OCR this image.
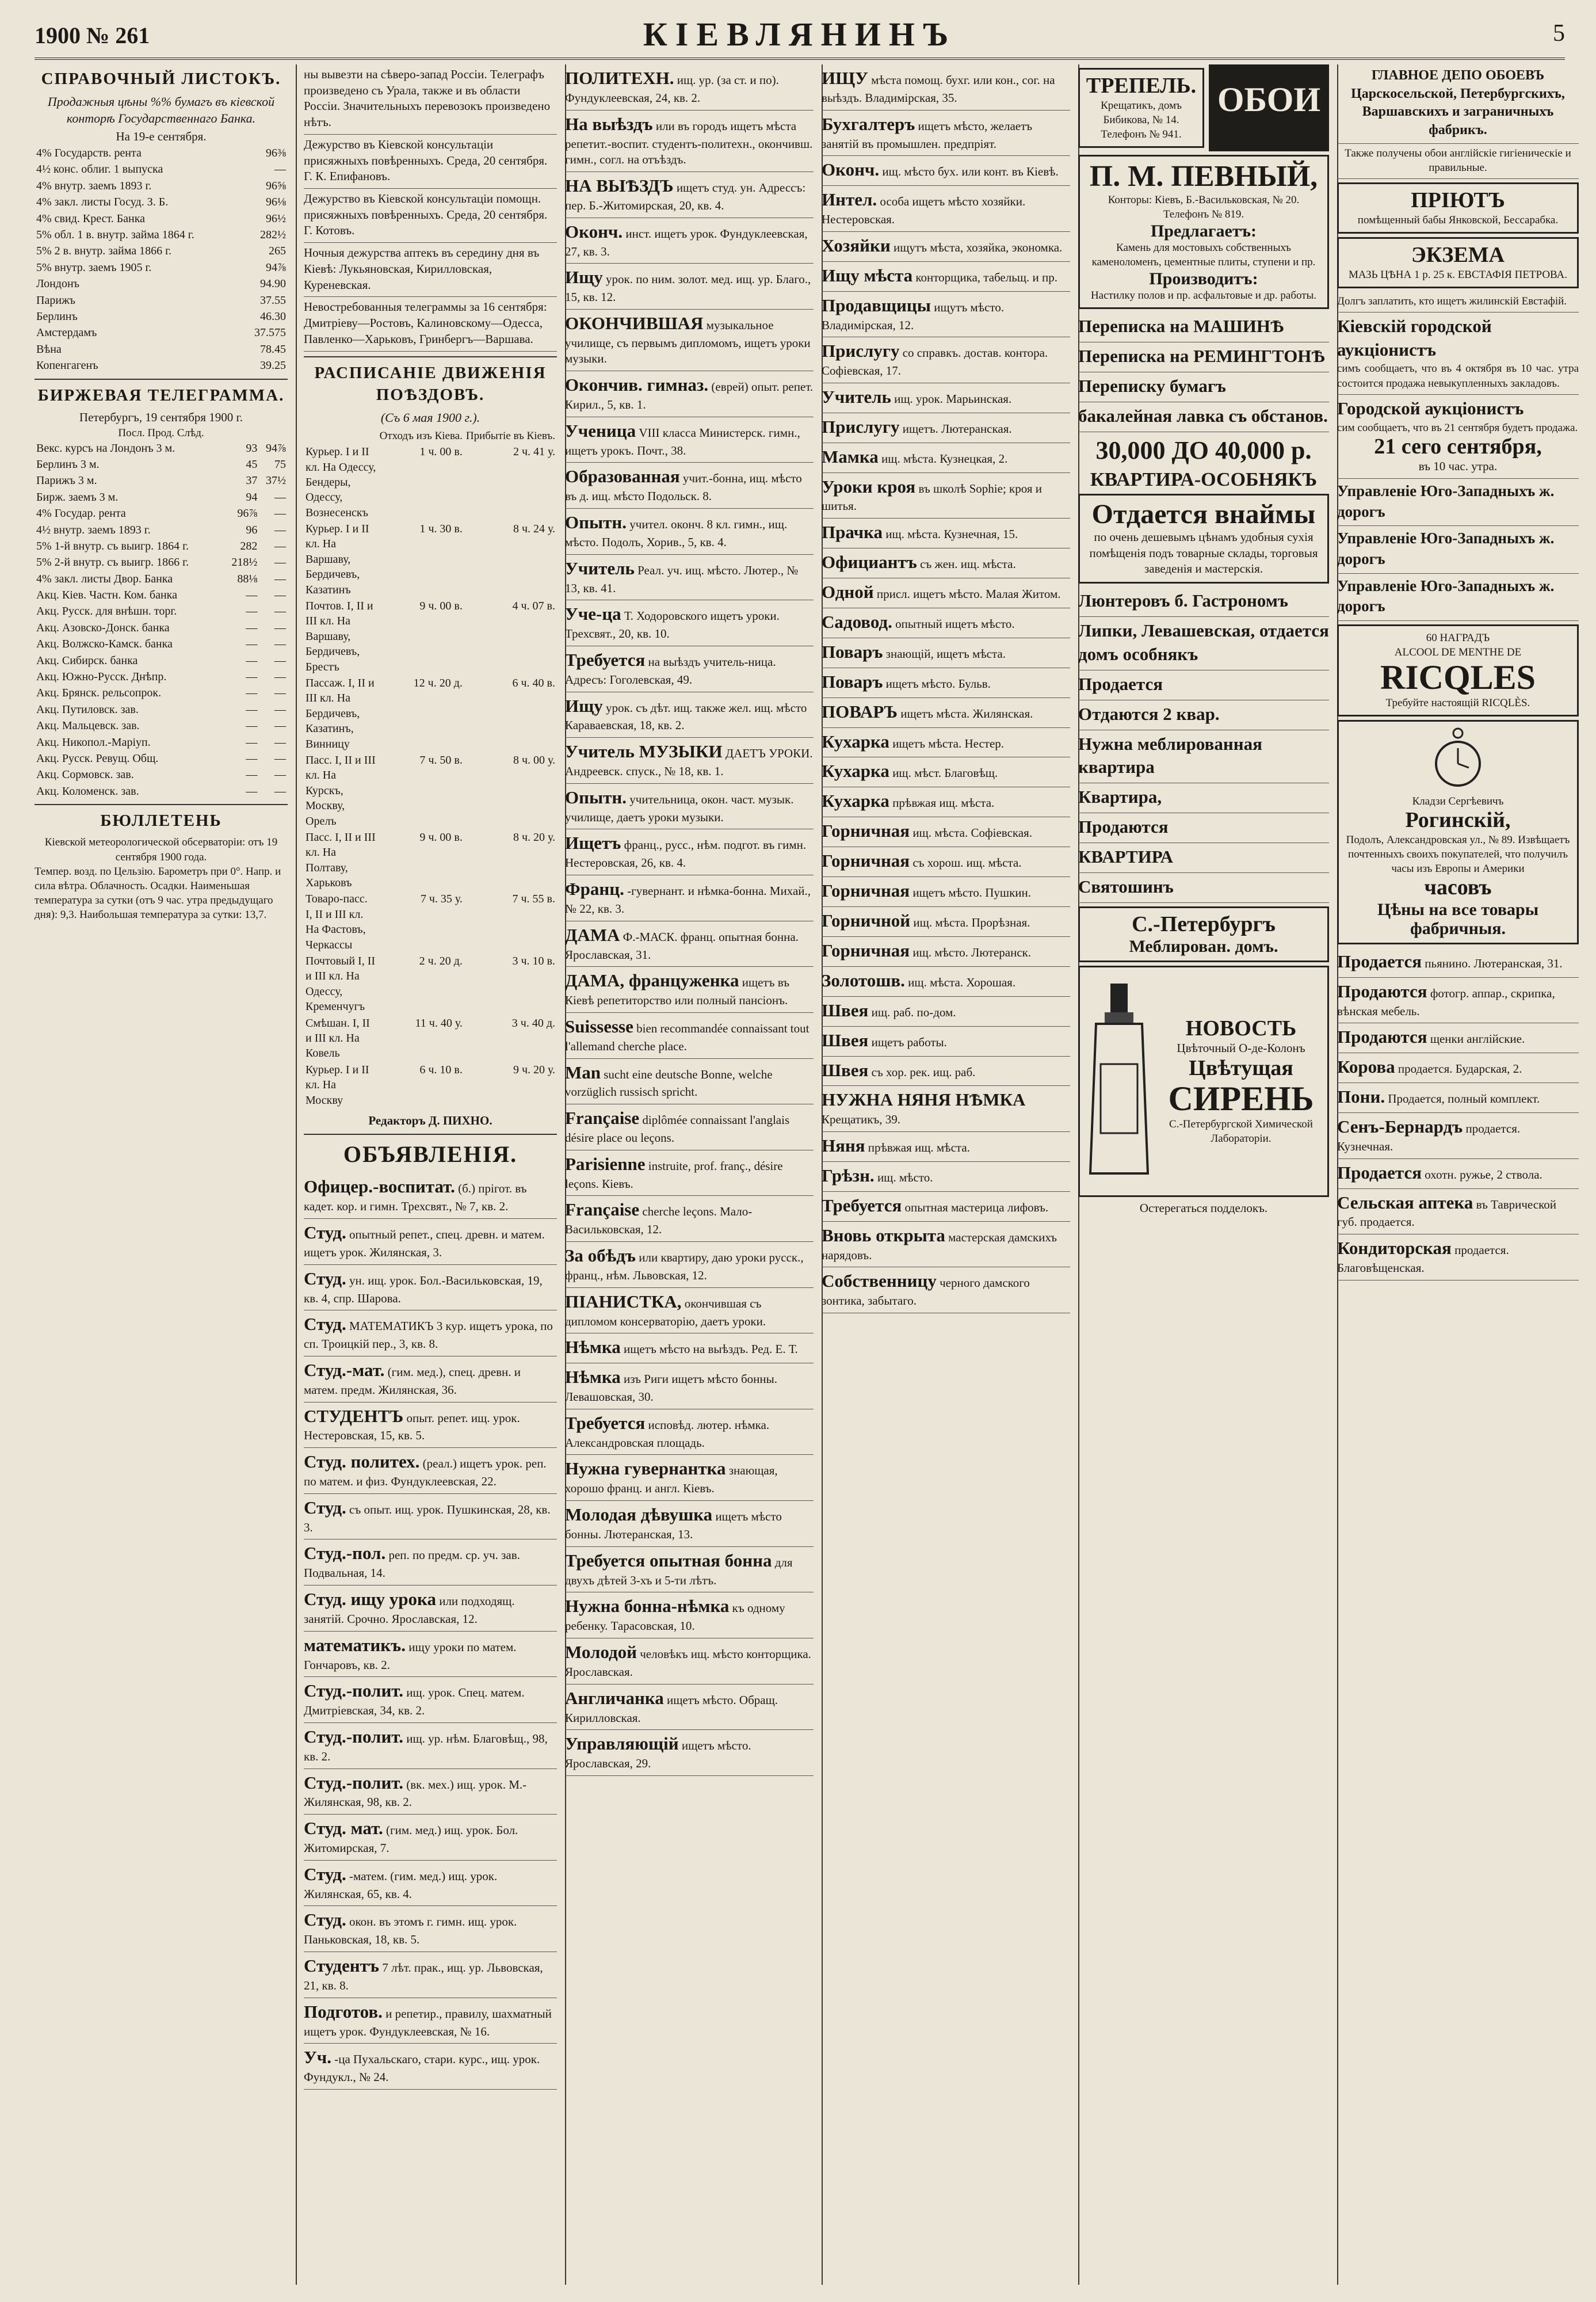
1900 № 261	КІЕВЛЯНИНЪ	5
СПРАВОЧНЫЙ ЛИСТОКЪ.
Продажныя цѣны %% бумагъ въ кіевской конторѣ Государственнаго Банка.
На 19-е сентября.
4% Государств. рента	96⅜
4½ конс. облиг. 1 выпуска	—
4% внутр. заемъ 1893 г.	96⅝
4% закл. листы Госуд. З. Б.	96⅛
4% свид. Крест. Банка	96½
5% обл. 1 в. внутр. займа 1864 г.	282½
5% 2 в. внутр. займа 1866 г.	265
5% внутр. заемъ 1905 г.	94⅞
Лондонъ	94.90
Парижъ	37.55
Берлинъ	46.30
Амстердамъ	37.575
Вѣна	78.45
Копенгагенъ	39.25
БИРЖЕВАЯ ТЕЛЕГРАММА.
Петербургъ, 19 сентября 1900 г.
Посл. Прод. Слѣд.
Векс. курсъ на Лондонъ 3 м.	93	94⅞
Берлинъ 3 м.	45	75
Парижъ 3 м.	37	37½
Бирж. заемъ 3 м.	94	—
4% Государ. рента	96⅞	—
4½ внутр. заемъ 1893 г.	96	—
5% 1-й внутр. съ выигр. 1864 г.	282	—
5% 2-й внутр. съ выигр. 1866 г.	218½	—
4% закл. листы Двор. Банка	88⅛	—
Акц. Кіев. Частн. Ком. банка	—	—
Акц. Русск. для внѣшн. торг.	—	—
Акц. Азовско-Донск. банка	—	—
Акц. Волжско-Камск. банка	—	—
Акц. Сибирск. банка	—	—
Акц. Южно-Русск. Днѣпр.	—	—
Акц. Брянск. рельсопрок.	—	—
Акц. Путиловск. зав.	—	—
Акц. Мальцевск. зав.	—	—
Акц. Никопол.-Маріуп.	—	—
Акц. Русск. Ревущ. Общ.	—	—
Акц. Сормовск. зав.	—	—
Акц. Коломенск. зав.	—	—
БЮЛЛЕТЕНЬ
Кіевской метеорологической обсерваторіи: отъ 19 сентября 1900 года.
Темпер. возд. по Цельзію. Барометръ при 0°. Напр. и сила вѣтра. Облачность. Осадки. Наименьшая температура за сутки (отъ 9 час. утра предыдущаго дня): 9,3. Наибольшая температура за сутки: 13,7.
ны вывезти на сѣверо-запад Россіи. Телеграфъ произведено съ Урала, также и въ области Россіи. Значительныхъ перевозокъ произведено нѣтъ.
Дежурство въ Кіевской консультаціи присяжныхъ повѣренныхъ. Среда, 20 сентября. Г. К. Епифановъ.
Дежурство въ Кіевской консультаціи помощн. присяжныхъ повѣренныхъ. Среда, 20 сентября. Г. Котовъ.
Ночныя дежурства аптекъ въ середину дня въ Кіевѣ: Лукьяновская, Кирилловская, Куреневская.
Невостребованныя телеграммы за 16 сентября: Дмитріеву—Ростовъ, Калиновскому—Одесса, Павленко—Харьковъ, Гринбергъ—Варшава.
РАСПИСАНІЕ ДВИЖЕНІЯ ПОѢЗДОВЪ.
(Съ 6 мая 1900 г.).
	Отходъ изъ Кіева.	Прибытіе въ Кіевъ.
Курьер. I и II кл. На Одессу, Бендеры, Одессу, Вознесенскъ	1 ч. 00 в.	2 ч. 41 у.
Курьер. I и II кл. На Варшаву, Бердичевъ, Казатинъ	1 ч. 30 в.	8 ч. 24 у.
Почтов. I, II и III кл. На Варшаву, Бердичевъ, Брестъ	9 ч. 00 в.	4 ч. 07 в.
Пассаж. I, II и III кл. На Бердичевъ, Казатинъ, Винницу	12 ч. 20 д.	6 ч. 40 в.
Пасс. I, II и III кл. На Курскъ, Москву, Орелъ	7 ч. 50 в.	8 ч. 00 у.
Пасс. I, II и III кл. На Полтаву, Харьковъ	9 ч. 00 в.	8 ч. 20 у.
Товаро-пасс. I, II и III кл. На Фастовъ, Черкассы	7 ч. 35 у.	7 ч. 55 в.
Почтовый I, II и III кл. На Одессу, Кременчугъ	2 ч. 20 д.	3 ч. 10 в.
Смѣшан. I, II и III кл. На Ковель	11 ч. 40 у.	3 ч. 40 д.
Курьер. I и II кл. На Москву	6 ч. 10 в.	9 ч. 20 у.
Редакторъ Д. ПИХНО.
ОБЪЯВЛЕНІЯ.
Офицер.-воспитат. (б.) прiгот. въ кадет. кор. и гимн. Трехсвят., № 7, кв. 2.
Студ. опытный репет., спец. древн. и матем. ищетъ урок. Жилянская, 3.
Студ. ун. ищ. урок. Бол.-Васильковская, 19, кв. 4, спр. Шарова.
Студ. МАТЕМАТИКЪ 3 кур. ищетъ урока, по сп. Троицкій пер., 3, кв. 8.
Студ.-мат. (гим. мед.), спец. древн. и матем. предм. Жилянская, 36.
СТУДЕНТЪ опыт. репет. ищ. урок. Нестеровская, 15, кв. 5.
Студ. политех. (реал.) ищетъ урок. реп. по матем. и физ. Фундуклеевская, 22.
Студ. съ опыт. ищ. урок. Пушкинская, 28, кв. 3.
Студ.-пол. реп. по предм. ср. уч. зав. Подвальная, 14.
Студ. ищу урока или подходящ. занятій. Срочно. Ярославская, 12.
математикъ. ищу уроки по матем. Гончаровъ, кв. 2.
Студ.-полит. ищ. урок. Спец. матем. Дмитріевская, 34, кв. 2.
Студ.-полит. ищ. ур. нѣм. Благовѣщ., 98, кв. 2.
Студ.-полит. (вк. мех.) ищ. урок. М.-Жилянская, 98, кв. 2.
Студ. мат. (гим. мед.) ищ. урок. Бол. Житомирская, 7.
Студ. -матем. (гим. мед.) ищ. урок. Жилянская, 65, кв. 4.
Студ. окон. въ этомъ г. гимн. ищ. урок. Паньковская, 18, кв. 5.
Студентъ 7 лѣт. прак., ищ. ур. Львовская, 21, кв. 8.
Подготов. и репетир., правилу, шахматный ищетъ урок. Фундуклеевская, № 16.
Уч. -ца Пухальскаго, стари. курс., ищ. урок. Фундукл., № 24.
ПОЛИТЕХН. ищ. ур. (за ст. и по). Фундуклеевская, 24, кв. 2.
На выѣздъ или въ городъ ищетъ мѣста репетит.-воспит. студентъ-политехн., окончивш. гимн., согл. на отъѣздъ.
НА ВЫѢЗДЪ ищетъ студ. ун. Адрессъ: пер. Б.-Житомирская, 20, кв. 4.
Оконч. инст. ищетъ урок. Фундуклеевская, 27, кв. 3.
Ищу урок. по ним. золот. мед. ищ. ур. Благо., 15, кв. 12.
ОКОНЧИВШАЯ музыкальное училище, съ первымъ дипломомъ, ищетъ уроки музыки.
Окончив. гимназ. (еврей) опыт. репет. Кирил., 5, кв. 1.
Ученица VIII класса Министерск. гимн., ищетъ урокъ. Почт., 38.
Образованная учит.-бонна, ищ. мѣсто въ д. ищ. мѣсто Подольск. 8.
Опытн. учител. оконч. 8 кл. гимн., ищ. мѣсто. Подолъ, Хорив., 5, кв. 4.
Учитель Реал. уч. ищ. мѣсто. Лютер., № 13, кв. 41.
Уче-ца Т. Ходоровского ищетъ уроки. Трехсвят., 20, кв. 10.
Требуется на выѣздъ учитель-ница. Адресъ: Гоголевская, 49.
Ищу урок. съ дѣт. ищ. также жел. ищ. мѣсто Караваевская, 18, кв. 2.
Учитель МУЗЫКИ ДАЕТЪ УРОКИ. Андреевск. спуск., № 18, кв. 1.
Опытн. учительница, окон. част. музык. училище, даетъ уроки музыки.
Ищетъ франц., русс., нѣм. подгот. въ гимн. Нестеровская, 26, кв. 4.
Франц. -гувернант. и нѣмка-бонна. Михай., № 22, кв. 3.
ДАМА Ф.-МАСК. франц. опытная бонна. Ярославская, 31.
ДАМА, француженка ищетъ въ Кіевѣ репетиторство или полный пансіонъ.
Suissesse bien recommandée connaissant tout l'allemand cherche place.
Man sucht eine deutsche Bonne, welche vorzüglich russisch spricht.
Française diplômée connaissant l'anglais désire place ou leçons.
Parisienne instruite, prof. franç., désire leçons. Кіевъ.
Française cherche leçons. Мало-Васильковская, 12.
За обѣдъ или квартиру, даю уроки русск., франц., нѣм. Львовская, 12.
ПІАНИСТКА, окончившая съ дипломом консерваторію, даетъ уроки.
Нѣмка ищетъ мѣсто на выѣздъ. Ред. Е. Т.
Нѣмка изъ Риги ищетъ мѣсто бонны. Левашовская, 30.
Требуется исповѣд. лютер. нѣмка. Александровская площадь.
Нужна гувернантка знающая, хорошо франц. и англ. Кіевъ.
Молодая дѣвушка ищетъ мѣсто бонны. Лютеранская, 13.
Требуется опытная бонна для двухъ дѣтей 3-хъ и 5-ти лѣтъ.
Нужна бонна-нѣмка къ одному ребенку. Тарасовская, 10.
Молодой человѣкъ ищ. мѣсто конторщика. Ярославская.
Англичанка ищетъ мѣсто. Обращ. Кирилловская.
Управляющій ищетъ мѣсто. Ярославская, 29.
ИЩУ мѣста помощ. бухг. или кон., сог. на выѣздъ. Владимірская, 35.
Бухгалтеръ ищетъ мѣсто, желаетъ занятій въ промышлен. предпріят.
Оконч. ищ. мѣсто бух. или конт. въ Кіевѣ.
Интел. особа ищетъ мѣсто хозяйки. Нестеровская.
Хозяйки ищутъ мѣста, хозяйка, экономка.
Ищу мѣста конторщика, табельщ. и пр.
Продавщицы ищутъ мѣсто. Владимірская, 12.
Прислугу со справкъ. достав. контора. Софіевская, 17.
Учитель ищ. урок. Марьинская.
Прислугу ищетъ. Лютеранская.
Мамка ищ. мѣста. Кузнецкая, 2.
Уроки кроя въ школѣ Sophie; кроя и шитья.
Прачка ищ. мѣста. Кузнечная, 15.
Официантъ съ жен. ищ. мѣста.
Одной присл. ищетъ мѣсто. Малая Житом.
Садовод. опытный ищетъ мѣсто.
Поваръ знающій, ищетъ мѣста.
Поваръ ищетъ мѣсто. Бульв.
ПОВАРЪ ищетъ мѣста. Жилянская.
Кухарка ищетъ мѣста. Нестер.
Кухарка ищ. мѣст. Благовѣщ.
Кухарка прѣвжая ищ. мѣста.
Горничная ищ. мѣста. Софіевская.
Горничная съ хорош. ищ. мѣста.
Горничная ищетъ мѣсто. Пушкин.
Горничной ищ. мѣста. Прорѣзная.
Горничная ищ. мѣсто. Лютеранск.
Золотошв. ищ. мѣста. Хорошая.
Швея ищ. раб. по-дом.
Швея ищетъ работы.
Швея съ хор. рек. ищ. раб.
НУЖНА НЯНЯ НѢМКА Крещатикъ, 39.
Няня прѣвжая ищ. мѣста.
Грѣзн. ищ. мѣсто.
Требуется опытная мастерица лифовъ.
Вновь открыта мастерская дамскихъ нарядовъ.
Собственницу черного дамского зонтика, забытаго.
ТРЕПЕЛЬ.
Крещатикъ, домъ Бибикова, № 14. Телефонъ № 941.
ОБОИ
П. М. ПЕВНЫЙ,
Конторы: Кіевъ, Б.-Васильковская, № 20. Телефонъ № 819.
Предлагаетъ:
Камень для мостовыхъ собственныхъ каменоломенъ, цементные плиты, ступени и пр.
Производитъ:
Настилку полов и пр. асфальтовые и др. работы.
Переписка на МАШИНѢ
Переписка на РЕМИНГТОНѢ
Переписку бумагъ
бакалейная лавка съ обстанов.
30,000 ДО 40,000 р.
КВАРТИРА-ОСОБНЯКЪ
Отдается внаймы
по очень дешевымъ цѣнамъ удобныя сухія помѣщенія подъ товарные склады, торговыя заведенія и мастерскія.
Люнтеровъ б. Гастрономъ
Липки, Левашевская, отдается домъ особнякъ
Продается
Отдаются 2 квар.
Нужна меблированная квартира
Квартира,
Продаются
КВАРТИРА
Святошинъ
С.-Петербургъ
Меблирован. домъ.
НОВОСТЬ
Цвѣточный О-де-Колонъ
Цвѣтущая
СИРЕНЬ
С.-Петербургской Химической Лабораторіи.
Остерегаться подделокъ.
ГЛАВНОЕ ДЕПО ОБОЕВЪ Царскосельской, Петербургскихъ, Варшавскихъ и заграничныхъ фабрикъ.
Также получены обои англійскіе гигіеническіе и правильные.
ПРІЮТЪ
помѣщенный бабы Янковской, Бессарабка.
ЭКЗЕМА
МАЗЬ ЦѢНА 1 р. 25 к. ЕВСТАФІЯ ПЕТРОВА.
Долгъ заплатить, кто ищетъ жилинскій Евстафій.
Кіевскій городской аукціонистъ
симъ сообщаетъ, что въ 4 октября въ 10 час. утра состоится продажа невыкупленныхъ закладовъ.
Городской аукціонистъ
сим сообщаетъ, что въ 21 сентября будетъ продажа.
21 сего сентября,
въ 10 час. утра.
Управленіе Юго-Западныхъ ж. дорогъ
Управленіе Юго-Западныхъ ж. дорогъ
Управленіе Юго-Западныхъ ж. дорогъ
60 НАГРАДЪ
ALCOOL DE MENTHE DE
RICQLES
Требуйте настоящій RICQLÈS.
Кладзи Сергѣевичъ
Рогинскій,
Подолъ, Александровская ул., № 89. Извѣщаетъ почтенныхъ своихъ покупателей, что получилъ часы изъ Европы и Америки
часовъ
Цѣны на все товары фабричныя.
Продается пьянино. Лютеранская, 31.
Продаются фотогр. аппар., скрипка, вѣнская мебель.
Продаются щенки англійские.
Корова продается. Бударская, 2.
Пони. Продается, полный комплект.
Сенъ-Бернардъ продается. Кузнечная.
Продается охотн. ружье, 2 ствола.
Сельская аптека въ Таврической губ. продается.
Кондиторская продается. Благовѣщенская.
